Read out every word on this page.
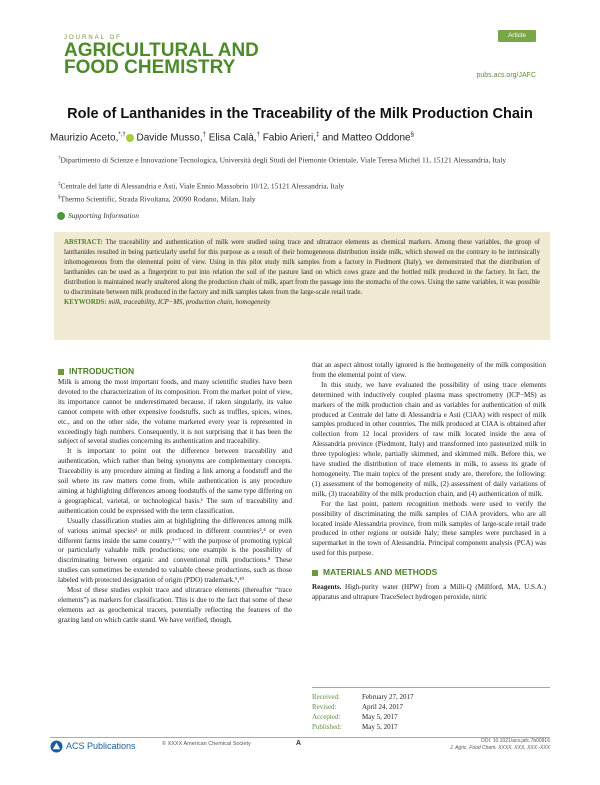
JOURNAL OF
AGRICULTURAL AND
FOOD CHEMISTRY
Article
pubs.acs.org/JAFC
Role of Lanthanides in the Traceability of the Milk Production Chain
Maurizio Aceto,*,† Davide Musso,† Elisa Calà,† Fabio Arieri,‡ and Matteo Oddone§
†Dipartimento di Scienze e Innovazione Tecnologica, Università degli Studi del Piemonte Orientale, Viale Teresa Michel 11, 15121 Alessandria, Italy
‡Centrale del latte di Alessandria e Asti, Viale Ennio Massobrio 10/12, 15121 Alessandria, Italy
§Thermo Scientific, Strada Rivoltana, 20090 Rodano, Milan, Italy
Supporting Information
ABSTRACT: The traceability and authentication of milk were studied using trace and ultratrace elements as chemical markers. Among these variables, the group of lanthanides resulted in being particularly useful for this purpose as a result of their homogeneous distribution inside milk, which showed on the contrary to be intrinsically inhomogeneous from the elemental point of view. Using in this pilot study milk samples from a factory in Piedmont (Italy), we demonstrated that the distribution of lanthanides can be used as a fingerprint to put into relation the soil of the pasture land on which cows graze and the bottled milk produced in the factory. In fact, the distribution is maintained nearly unaltered along the production chain of milk, apart from the passage into the stomachs of the cows. Using the same variables, it was possible to discriminate between milk produced in the factory and milk samples taken from the large-scale retail trade.
KEYWORDS: milk, traceability, ICP−MS, production chain, homogeneity
INTRODUCTION

Milk is among the most important foods, and many scientific studies have been devoted to the characterization of its composition. From the market point of view, its importance cannot be underestimated because, if taken singularly, its value cannot compete with other expensive foodstuffs, such as truffles, spices, wines, etc., and on the other side, the volume marketed every year is represented in exceedingly high numbers. Consequently, it is not surprising that it has been the subject of several studies concerning its authentication and traceability.

It is important to point out the difference between traceability and authentication, which rather than being synonyms are complementary concepts. Traceability is any procedure aiming at finding a link among a foodstuff and the soil where its raw matters come from, while authentication is any procedure aiming at highlighting differences among foodstuffs of the same type differing on a geographical, varietal, or technological basis.¹ The sum of traceability and authentication could be expressed with the term classification.

Usually classification studies aim at highlighting the differences among milk of various animal species² or milk produced in different countries³,⁴ or even different farms inside the same country,⁵⁻⁷ with the purpose of promoting typical or particularly valuable milk productions; one example is the possibility of discriminating between organic and conventional milk productions.⁸ These studies can sometimes be extended to valuable cheese productions, such as those labeled with protected designation of origin (PDO) trademark.⁹,¹⁰

Most of these studies exploit trace and ultratrace elements (thereafter “trace elements”) as markers for classification. This is due to the fact that some of these elements act as geochemical tracers, potentially reflecting the features of the grazing land on which cattle stand. We have verified, though,

that an aspect almost totally ignored is the homogeneity of the milk composition from the elemental point of view.

In this study, we have evaluated the possibility of using trace elements determined with inductively coupled plasma mass spectrometry (ICP−MS) as markers of the milk production chain and as variables for authentication of milk produced at Centrale del latte di Alessandria e Asti (ClAA) with respect of milk samples produced in other countries. The milk produced at ClAA is obtained after collection from 12 local providers of raw milk located inside the area of Alessandria province (Piedmont, Italy) and transformed into pasteurized milk in three typologies: whole, partially skimmed, and skimmed milk. Before this, we have studied the distribution of trace elements in milk, to assess its grade of homogeneity. The main topics of the present study are, therefore, the following: (1) assessment of the homogeneity of milk, (2) assessment of daily variations of milk, (3) traceability of the milk production chain, and (4) authentication of milk.

For the last point, pattern recognition methods were used to verify the possibility of discriminating the milk samples of ClAA providers, who are all located inside Alessandria province, from milk samples of large-scale retail trade produced in other regions or outside Italy; these samples were purchased in a supermarket in the town of Alessandria. Principal component analysis (PCA) was used for this purpose.

MATERIALS AND METHODS

Reagents. High-purity water (HPW) from a Milli-Q (Millford, MA, U.S.A.) apparatus and ultrapure TraceSelect hydrogen peroxide, nitric

Received:	February 27, 2017
Revised:	April 24, 2017
Accepted:	May 5, 2017
Published:	May 5, 2017
ACS Publications	© XXXX American Chemical Society	A	DOI: 10.1021/acs.jafc.7b00916
J. Agric. Food Chem. XXXX, XXX, XXX−XXX
